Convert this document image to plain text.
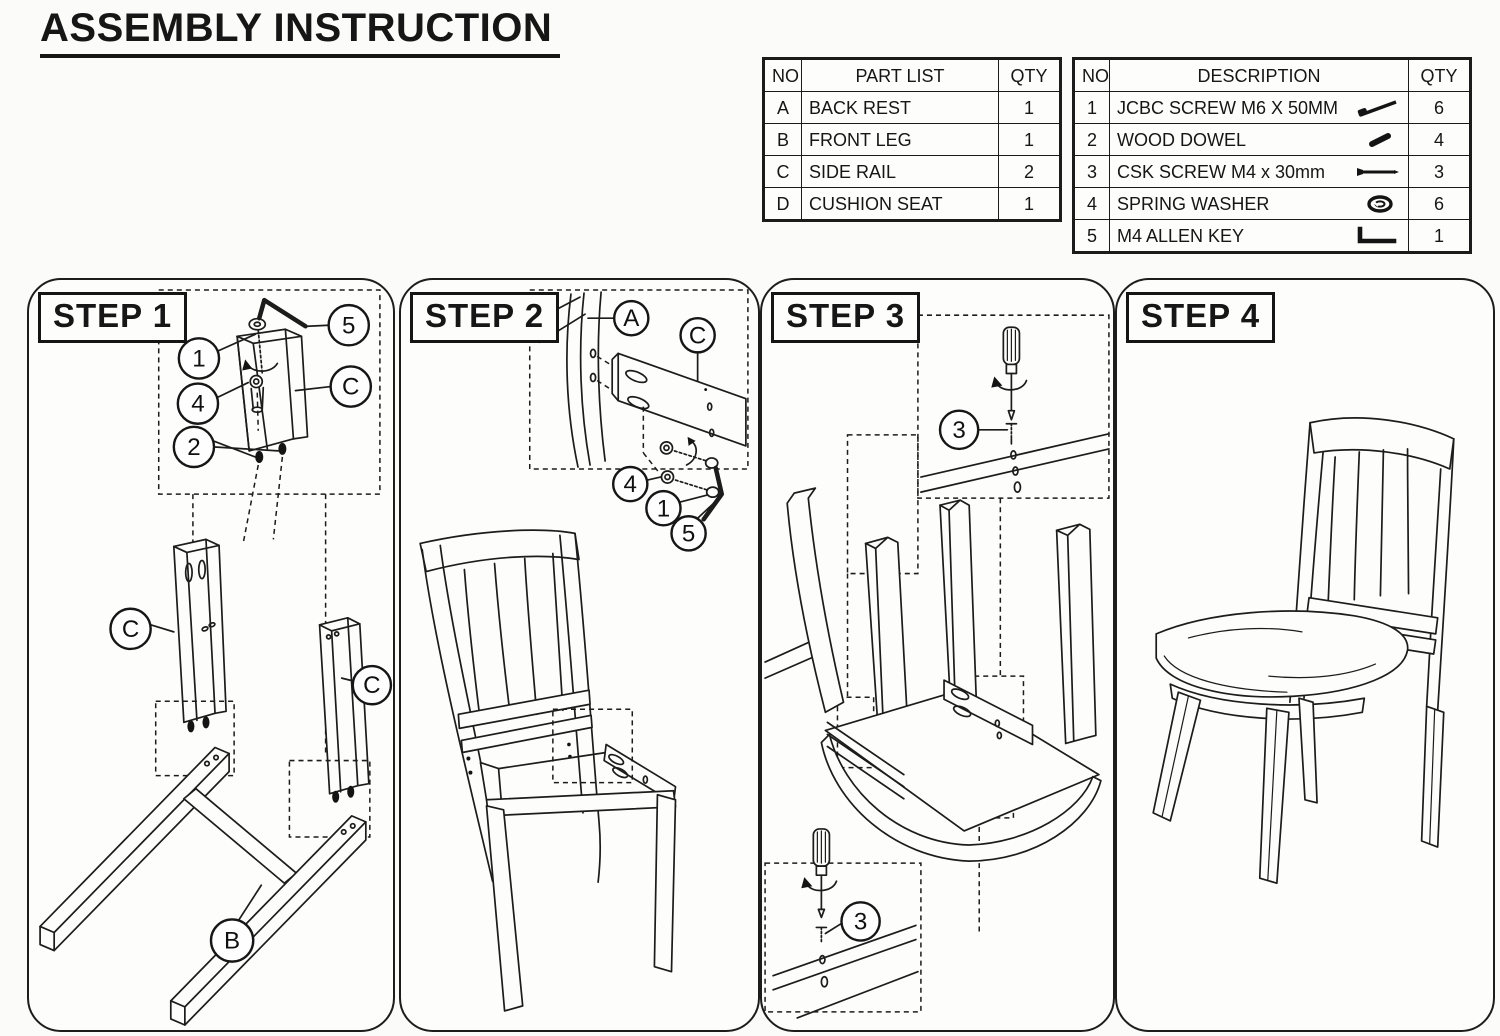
ASSEMBLY INSTRUCTION
NO	PART LIST	QTY
A	BACK REST	1
B	FRONT LEG	1
C	SIDE RAIL	2
D	CUSHION SEAT	1
NO	DESCRIPTION	QTY
1	JCBC SCREW M6 X 50MM	6
2	WOOD DOWEL	4
3	CSK SCREW M4 x 30mm	3
4	SPRING WASHER	6
5	M4 ALLEN KEY	1
STEP 1
1
4
2
5
C
C
C
B
STEP 2	A
C
4
1
5
STEP 3
3
3
STEP 4
